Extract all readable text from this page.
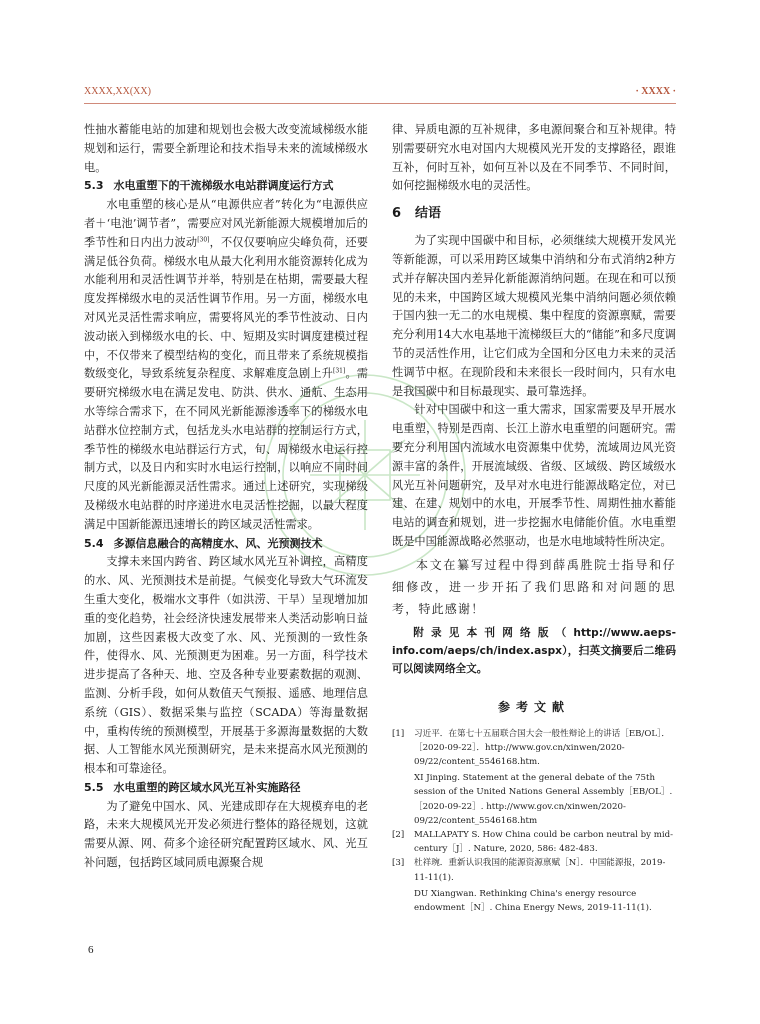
XXXX,XX(XX)	· XXXX ·

性抽水蓄能电站的加建和规划也会极大改变流域梯级水能规划和运行，需要全新理论和技术指导未来的流域梯级水电。

5.3 水电重塑下的干流梯级水电站群调度运行方式

水电重塑的核心是从“电源供应者”转化为“电源供应者＋‘电池’调节者”，需要应对风光新能源大规模增加后的季节性和日内出力波动[30]，不仅仅要响应尖峰负荷，还要满足低谷负荷。梯级水电从最大化利用水能资源转化成为水能利用和灵活性调节并举，特别是在枯期，需要最大程度发挥梯级水电的灵活性调节作用。另一方面，梯级水电对风光灵活性需求响应，需要将风光的季节性波动、日内波动嵌入到梯级水电的长、中、短期及实时调度建模过程中，不仅带来了模型结构的变化，而且带来了系统规模指数级变化，导致系统复杂程度、求解难度急剧上升[31]。需要研究梯级水电在满足发电、防洪、供水、通航、生态用水等综合需求下，在不同风光新能源渗透率下的梯级水电站群水位控制方式，包括龙头水电站群的控制运行方式，季节性的梯级水电站群运行方式，旬、周梯级水电运行控制方式，以及日内和实时水电运行控制，以响应不同时间尺度的风光新能源灵活性需求。通过上述研究，实现梯级及梯级水电站群的时序递进水电灵活性挖掘，以最大程度满足中国新能源迅速增长的跨区域灵活性需求。

5.4 多源信息融合的高精度水、风、光预测技术

支撑未来国内跨省、跨区域水风光互补调控，高精度的水、风、光预测技术是前提。气候变化导致大气环流发生重大变化，极端水文事件（如洪涝、干旱）呈现增加加重的变化趋势，社会经济快速发展带来人类活动影响日益加剧，这些因素极大改变了水、风、光预测的一致性条件，使得水、风、光预测更为困难。另一方面，科学技术进步提高了各种天、地、空及各种专业要素数据的观测、监测、分析手段，如何从数值天气预报、遥感、地理信息系统（GIS）、数据采集与监控（SCADA）等海量数据中，重构传统的预测模型，开展基于多源海量数据的大数据、人工智能水风光预测研究，是未来提高水风光预测的根本和可靠途径。

5.5 水电重塑的跨区域水风光互补实施路径

为了避免中国水、风、光建成即存在大规模弃电的老路，未来大规模风光开发必须进行整体的路径规划，这就需要从源、网、荷多个途径研究配置跨区域水、风、光互补问题，包括跨区域同质电源聚合规

律、异质电源的互补规律，多电源间聚合和互补规律。特别需要研究水电对国内大规模风光开发的支撑路径，跟谁互补，何时互补，如何互补以及在不同季节、不同时间，如何挖掘梯级水电的灵活性。

6 结语

为了实现中国碳中和目标，必须继续大规模开发风光等新能源，可以采用跨区域集中消纳和分布式消纳2种方式并存解决国内差异化新能源消纳问题。在现在和可以预见的未来，中国跨区域大规模风光集中消纳问题必须依赖于国内独一无二的水电规模、集中程度的资源禀赋，需要充分利用14大水电基地干流梯级巨大的“储能”和多尺度调节的灵活性作用，让它们成为全国和分区电力未来的灵活性调节中枢。在现阶段和未来很长一段时间内，只有水电是我国碳中和目标最现实、最可靠选择。

针对中国碳中和这一重大需求，国家需要及早开展水电重塑，特别是西南、长江上游水电重塑的问题研究。需要充分利用国内流域水电资源集中优势，流域周边风光资源丰富的条件，开展流域级、省级、区域级、跨区域级水风光互补问题研究，及早对水电进行能源战略定位，对已建、在建、规划中的水电，开展季节性、周期性抽水蓄能电站的调查和规划，进一步挖掘水电储能价值。水电重塑既是中国能源战略必然驱动，也是水电地域特性所决定。

本文在纂写过程中得到薛禹胜院士指导和仔细修改，进一步开拓了我们思路和对问题的思考，特此感谢！

附录见本刊网络版（http://www.aeps-info.com/aeps/ch/index.aspx），扫英文摘要后二维码可以阅读网络全文。

参考文献
[1] 习近平．在第七十五届联合国大会一般性辩论上的讲话［EB/OL］．［2020-09-22］．http://www.gov.cn/xinwen/2020-09/22/content_5546168.htm.
XI Jinping. Statement at the general debate of the 75th session of the United Nations General Assembly［EB/OL］.［2020-09-22］. http://www.gov.cn/xinwen/2020-09/22/content_5546168.htm
[2] MALLAPATY S. How China could be carbon neutral by mid-century［J］. Nature, 2020, 586: 482-483.
[3] 杜祥琬．重新认识我国的能源资源禀赋［N］．中国能源报，2019-11-11(1).
DU Xiangwan. Rethinking China's energy resource endowment［N］. China Energy News, 2019-11-11(1).
6
